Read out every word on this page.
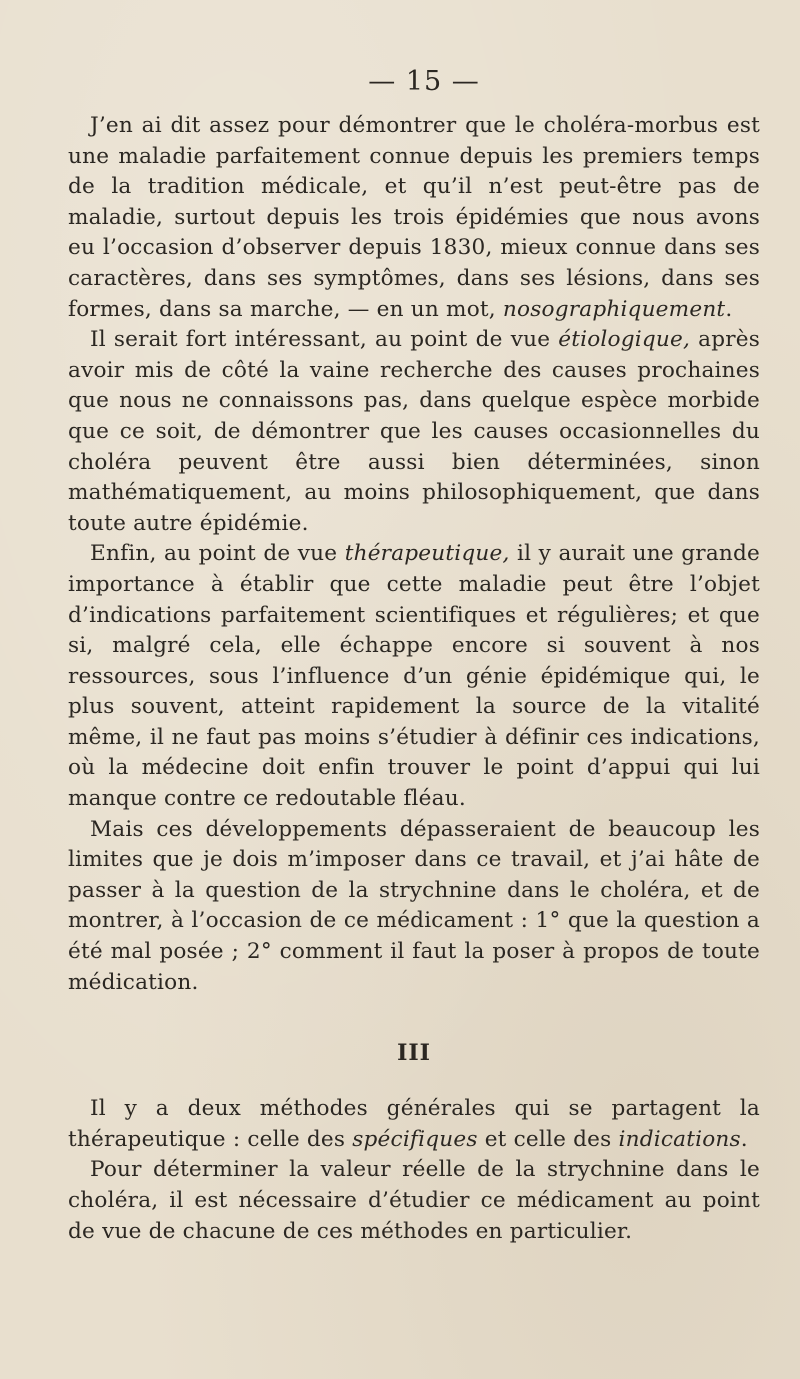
— 15 —

J’en ai dit assez pour démontrer que le choléra-morbus est une maladie parfaitement connue depuis les premiers temps de la tradition médicale, et qu’il n’est peut-être pas de maladie, surtout depuis les trois épidémies que nous avons eu l’occasion d’observer depuis 1830, mieux connue dans ses caractères, dans ses symptômes, dans ses lésions, dans ses formes, dans sa marche, — en un mot, nosographiquement.

Il serait fort intéressant, au point de vue étiologique, après avoir mis de côté la vaine recherche des causes prochaines que nous ne connaissons pas, dans quelque espèce morbide que ce soit, de démontrer que les causes occasionnelles du choléra peuvent être aussi bien déterminées, sinon mathématiquement, au moins philosophiquement, que dans toute autre épidémie.

Enfin, au point de vue thérapeutique, il y aurait une grande importance à établir que cette maladie peut être l’objet d’indications parfaitement scientifiques et régulières; et que si, malgré cela, elle échappe encore si souvent à nos ressources, sous l’influence d’un génie épidémique qui, le plus souvent, atteint rapidement la source de la vitalité même, il ne faut pas moins s’étudier à définir ces indications, où la médecine doit enfin trouver le point d’appui qui lui manque contre ce redoutable fléau.

Mais ces développements dépasseraient de beaucoup les limites que je dois m’imposer dans ce travail, et j’ai hâte de passer à la question de la strychnine dans le choléra, et de montrer, à l’occasion de ce médicament : 1° que la question a été mal posée ; 2° comment il faut la poser à propos de toute médication.

III

Il y a deux méthodes générales qui se partagent la thérapeutique : celle des spécifiques et celle des indications.

Pour déterminer la valeur réelle de la strychnine dans le choléra, il est nécessaire d’étudier ce médicament au point de vue de chacune de ces méthodes en particulier.
